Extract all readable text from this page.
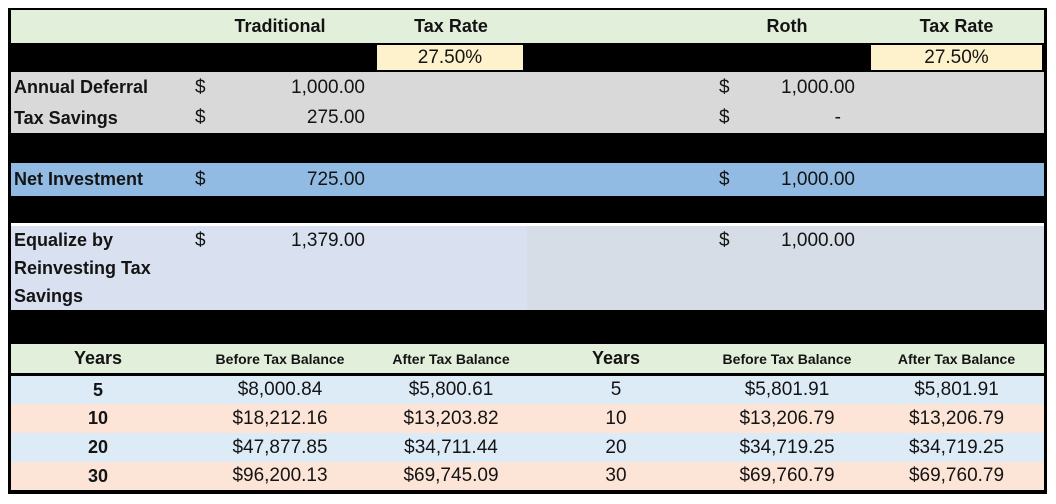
Traditional	Tax Rate	Roth	Tax Rate
27.50%	27.50%
Annual Deferral	$	1,000.00	$	1,000.00
Tax Savings	$	275.00	$	-
Net Investment	$	725.00	$	1,000.00
Equalize by
Reinvesting Tax
Savings
$	1,379.00	$	1,000.00
Years	Before Tax Balance	After Tax Balance	Years	Before Tax Balance	After Tax Balance
5	$8,000.84	$5,800.61	5	$5,801.91	$5,801.91
10	$18,212.16	$13,203.82	10	$13,206.79	$13,206.79
20	$47,877.85	$34,711.44	20	$34,719.25	$34,719.25
30	$96,200.13	$69,745.09	30	$69,760.79	$69,760.79
